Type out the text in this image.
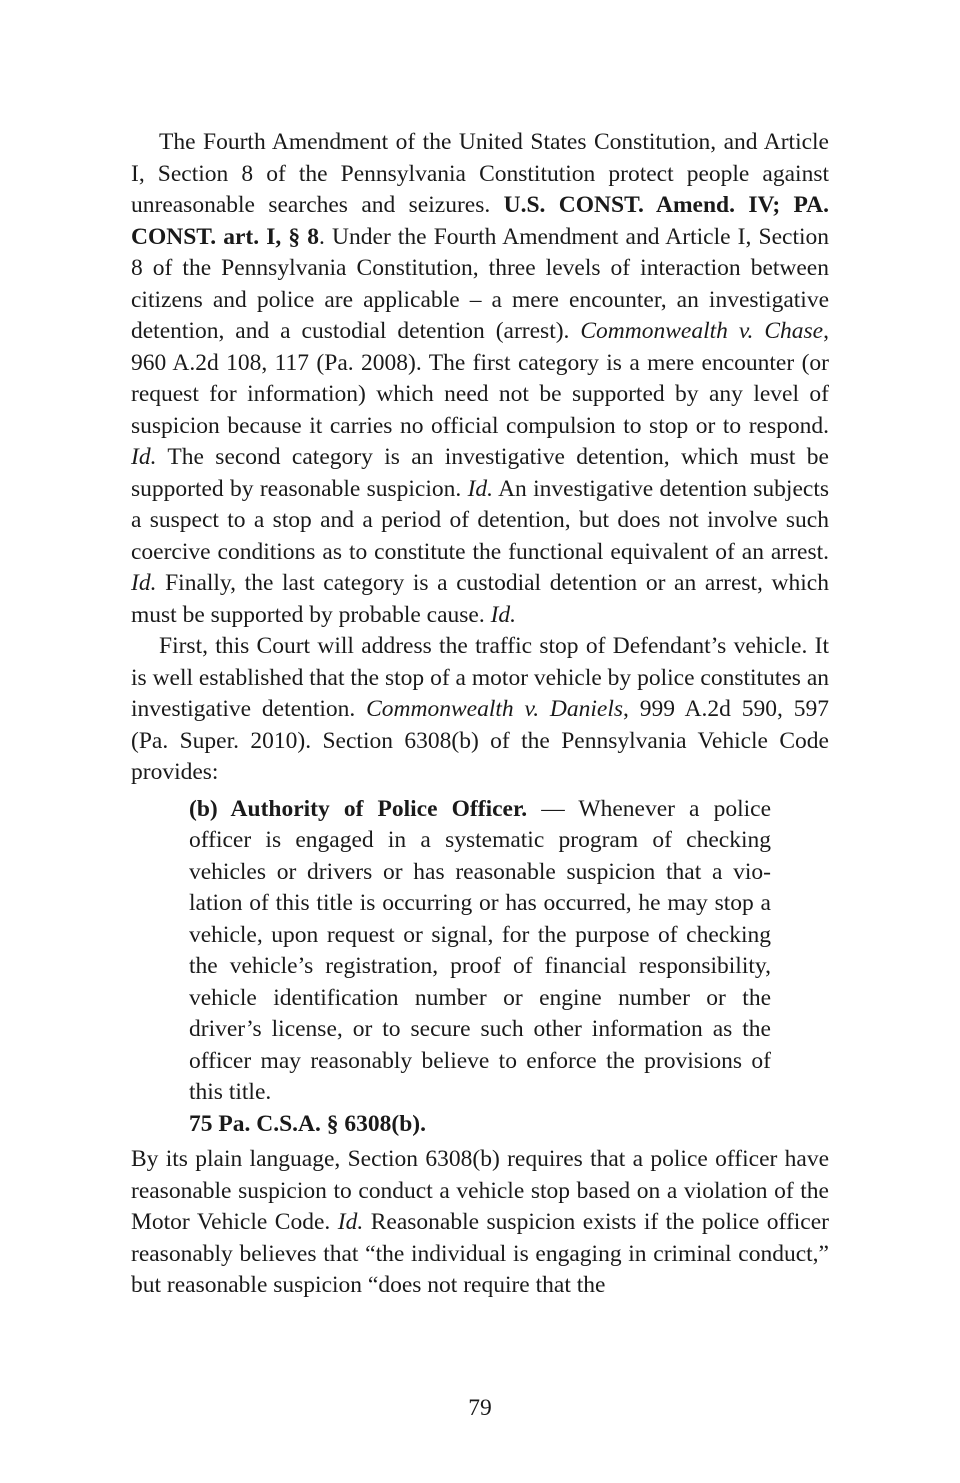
The Fourth Amendment of the United States Constitution, and Article I, Section 8 of the Pennsylvania Constitution protect people against unreasonable searches and seizures. U.S. CONST. Amend. IV; PA. CONST. art. I, § 8. Under the Fourth Amendment and Article I, Section 8 of the Pennsylvania Constitution, three levels of interaction between citizens and police are applicable – a mere encounter, an investigative detention, and a custodial detention (arrest). Commonwealth v. Chase, 960 A.2d 108, 117 (Pa. 2008). The first category is a mere encounter (or request for information) which need not be supported by any level of suspicion because it carries no official compulsion to stop or to respond. Id. The second category is an investigative detention, which must be supported by reasonable suspicion. Id. An investigative detention subjects a suspect to a stop and a period of detention, but does not involve such coercive conditions as to constitute the functional equivalent of an arrest. Id. Finally, the last category is a custodial detention or an arrest, which must be supported by probable cause. Id.

First, this Court will address the traffic stop of Defendant’s vehicle. It is well established that the stop of a motor vehicle by police constitutes an investigative detention. Commonwealth v. Daniels, 999 A.2d 590, 597 (Pa. Super. 2010). Section 6308(b) of the Pennsylvania Vehicle Code provides:

(b) Authority of Police Officer. — Whenever a police officer is engaged in a systematic program of checking vehicles or drivers or has reasonable suspicion that a violation of this title is occurring or has occurred, he may stop a vehicle, upon request or signal, for the purpose of checking the vehicle’s registration, proof of financial responsibility, vehicle identification number or engine number or the driver’s license, or to secure such other information as the officer may reasonably believe to enforce the provisions of this title.

75 Pa. C.S.A. § 6308(b).

By its plain language, Section 6308(b) requires that a police officer have reasonable suspicion to conduct a vehicle stop based on a violation of the Motor Vehicle Code. Id. Reasonable suspicion exists if the police officer reasonably believes that “the individual is engaging in criminal conduct,” but reasonable suspicion “does not require that the

79
